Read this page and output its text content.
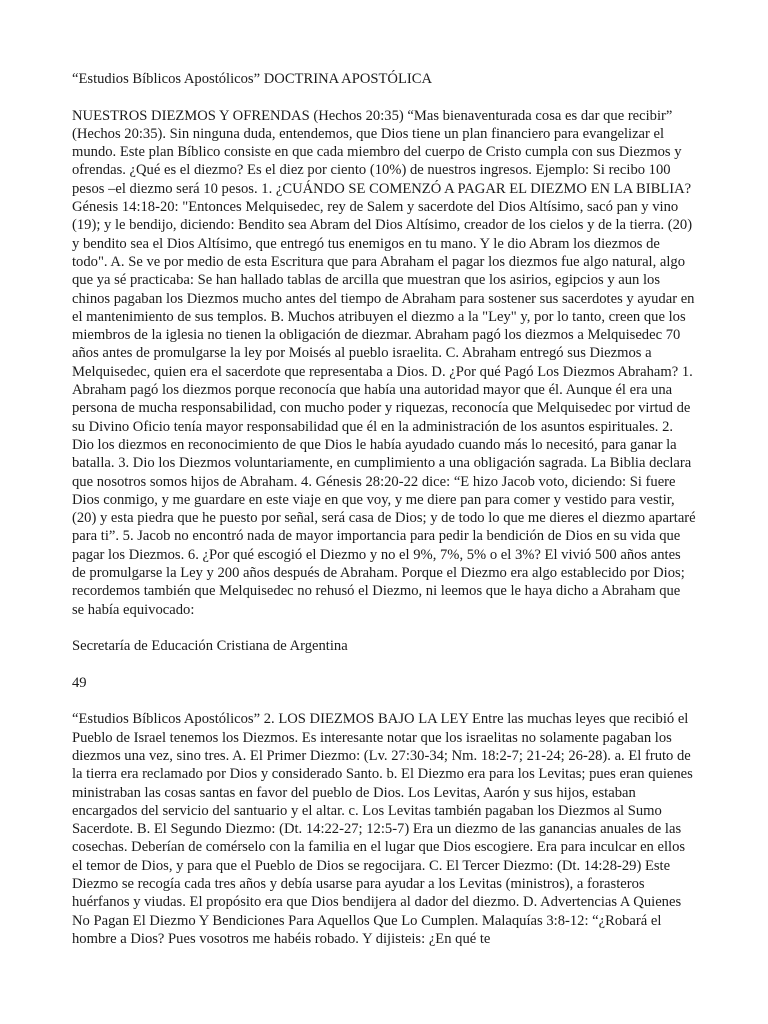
“Estudios Bíblicos Apostólicos” DOCTRINA APOSTÓLICA

NUESTROS DIEZMOS Y OFRENDAS (Hechos 20:35) “Mas bienaventurada cosa es dar que recibir” (Hechos 20:35). Sin ninguna duda, entendemos, que Dios tiene un plan financiero para evangelizar el mundo. Este plan Bíblico consiste en que cada miembro del cuerpo de Cristo cumpla con sus Diezmos y ofrendas. ¿Qué es el diezmo? Es el diez por ciento (10%) de nuestros ingresos. Ejemplo: Si recibo 100 pesos –el diezmo será 10 pesos. 1. ¿CUÁNDO SE COMENZÓ A PAGAR EL DIEZMO EN LA BIBLIA? Génesis 14:18-20: "Entonces Melquisedec, rey de Salem y sacerdote del Dios Altísimo, sacó pan y vino (19); y le bendijo, diciendo: Bendito sea Abram del Dios Altísimo, creador de los cielos y de la tierra. (20) y bendito sea el Dios Altísimo, que entregó tus enemigos en tu mano. Y le dio Abram los diezmos de todo". A. Se ve por medio de esta Escritura que para Abraham el pagar los diezmos fue algo natural, algo que ya sé practicaba: Se han hallado tablas de arcilla que muestran que los asirios, egipcios y aun los chinos pagaban los Diezmos mucho antes del tiempo de Abraham para sostener sus sacerdotes y ayudar en el mantenimiento de sus templos. B. Muchos atribuyen el diezmo a la "Ley" y, por lo tanto, creen que los miembros de la iglesia no tienen la obligación de diezmar. Abraham pagó los diezmos a Melquisedec 70 años antes de promulgarse la ley por Moisés al pueblo israelita. C. Abraham entregó sus Diezmos a Melquisedec, quien era el sacerdote que representaba a Dios. D. ¿Por qué Pagó Los Diezmos Abraham? 1. Abraham pagó los diezmos porque reconocía que había una autoridad mayor que él. Aunque él era una persona de mucha responsabilidad, con mucho poder y riquezas, reconocía que Melquisedec por virtud de su Divino Oficio tenía mayor responsabilidad que él en la administración de los asuntos espirituales. 2. Dio los diezmos en reconocimiento de que Dios le había ayudado cuando más lo necesitó, para ganar la batalla. 3. Dio los Diezmos voluntariamente, en cumplimiento a una obligación sagrada. La Biblia declara que nosotros somos hijos de Abraham. 4. Génesis 28:20-22 dice: “E hizo Jacob voto, diciendo: Si fuere Dios conmigo, y me guardare en este viaje en que voy, y me diere pan para comer y vestido para vestir, (20) y esta piedra que he puesto por señal, será casa de Dios; y de todo lo que me dieres el diezmo apartaré para ti”. 5. Jacob no encontró nada de mayor importancia para pedir la bendición de Dios en su vida que pagar los Diezmos. 6. ¿Por qué escogió el Diezmo y no el 9%, 7%, 5% o el 3%? El vivió 500 años antes de promulgarse la Ley y 200 años después de Abraham. Porque el Diezmo era algo establecido por Dios; recordemos también que Melquisedec no rehusó el Diezmo, ni leemos que le haya dicho a Abraham que se había equivocado:

Secretaría de Educación Cristiana de Argentina

49

“Estudios Bíblicos Apostólicos” 2. LOS DIEZMOS BAJO LA LEY Entre las muchas leyes que recibió el Pueblo de Israel tenemos los Diezmos. Es interesante notar que los israelitas no solamente pagaban los diezmos una vez, sino tres. A. El Primer Diezmo: (Lv. 27:30-34; Nm. 18:2-7; 21-24; 26-28). a. El fruto de la tierra era reclamado por Dios y considerado Santo. b. El Diezmo era para los Levitas; pues eran quienes ministraban las cosas santas en favor del pueblo de Dios. Los Levitas, Aarón y sus hijos, estaban encargados del servicio del santuario y el altar. c. Los Levitas también pagaban los Diezmos al Sumo Sacerdote. B. El Segundo Diezmo: (Dt. 14:22-27; 12:5-7) Era un diezmo de las ganancias anuales de las cosechas. Deberían de comérselo con la familia en el lugar que Dios escogiere. Era para inculcar en ellos el temor de Dios, y para que el Pueblo de Dios se regocijara. C. El Tercer Diezmo: (Dt. 14:28-29) Este Diezmo se recogía cada tres años y debía usarse para ayudar a los Levitas (ministros), a forasteros huérfanos y viudas. El propósito era que Dios bendijera al dador del diezmo. D. Advertencias A Quienes No Pagan El Diezmo Y Bendiciones Para Aquellos Que Lo Cumplen. Malaquías 3:8-12: “¿Robará el hombre a Dios? Pues vosotros me habéis robado. Y dijisteis: ¿En qué te
